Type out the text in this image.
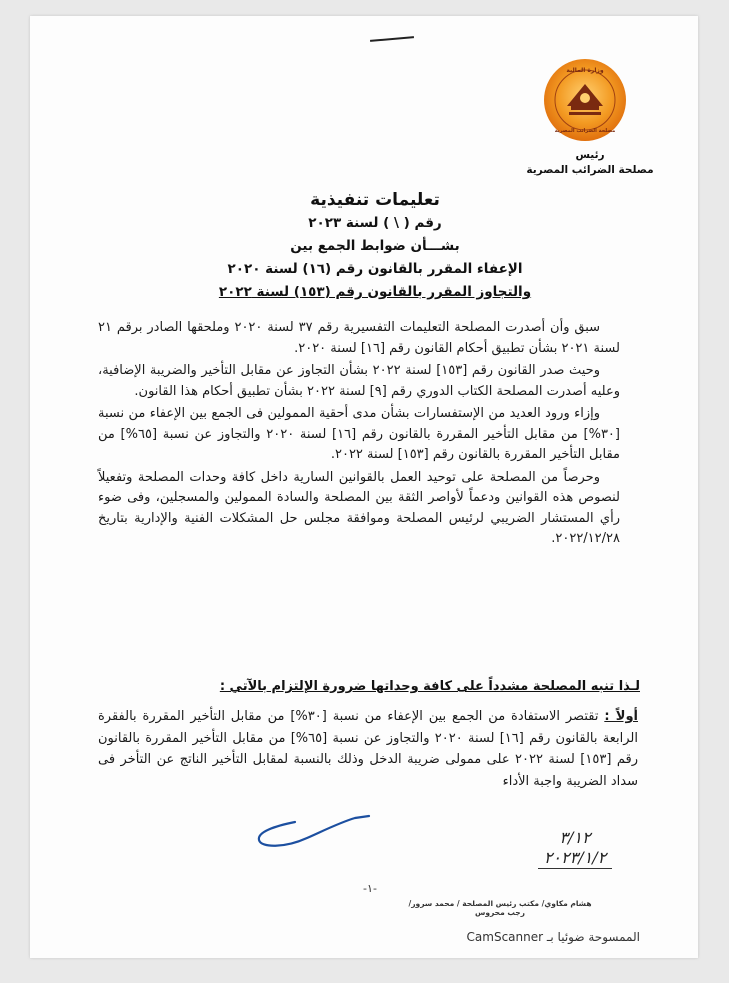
وزارة المالية
مصلحة الضرائب المصرية
رئيس
مصلحة الضرائب المصرية
تعليمات تنفيذية
رقم ( \ ) لسنة ٢٠٢٣
بشـــأن ضوابط الجمع بين
الإعفاء المقرر بالقانون رقم (١٦) لسنة ٢٠٢٠
والتجاوز المقرر بالقانون رقم (١٥٣) لسنة ٢٠٢٢

سبق وأن أصدرت المصلحة التعليمات التفسيرية رقم ٣٧ لسنة ٢٠٢٠ وملحقها الصادر برقم ٢١ لسنة ٢٠٢١ بشأن تطبيق أحكام القانون رقم [١٦] لسنة ٢٠٢٠.

وحيث صدر القانون رقم [١٥٣] لسنة ٢٠٢٢ بشأن التجاوز عن مقابل التأخير والضريبة الإضافية، وعليه أصدرت المصلحة الكتاب الدوري رقم [٩] لسنة ٢٠٢٢ بشأن تطبيق أحكام هذا القانون.

وإزاء ورود العديد من الإستفسارات بشأن مدى أحقية الممولين فى الجمع بين الإعفاء من نسبة [٣٠%] من مقابل التأخير المقررة بالقانون رقم [١٦] لسنة ٢٠٢٠ والتجاوز عن نسبة [٦٥%] من مقابل التأخير المقررة بالقانون رقم [١٥٣] لسنة ٢٠٢٢.

وحرصاً من المصلحة على توحيد العمل بالقوانين السارية داخل كافة وحدات المصلحة وتفعيلاً لنصوص هذه القوانين ودعماً لأواصر الثقة بين المصلحة والسادة الممولين والمسجلين، وفى ضوء رأي المستشار الضريبي لرئيس المصلحة وموافقة مجلس حل المشكلات الفنية والإدارية بتاريخ ٢٠٢٢/١٢/٢٨.

لـذا تنبه المصلحة مشدداً على كافة وحداتها ضرورة الإلتزام بالآتي :
أولاً : تقتصر الاستفادة من الجمع بين الإعفاء من نسبة [٣٠%] من مقابل التأخير المقررة بالفقرة الرابعة بالقانون رقم [١٦] لسنة ٢٠٢٠ والتجاوز عن نسبة [٦٥%] من مقابل التأخير المقررة بالقانون رقم [١٥٣] لسنة ٢٠٢٢ على ممولى ضريبة الدخل وذلك بالنسبة لمقابل التأخير الناتج عن التأخر فى سداد الضريبة واجبة الأداء
٣/١٢
٢٠٢٣/١/٢
-١-
هشام مكاوي/ مكتب رئيس المصلحة / محمد سرور/ رجب محروس
الممسوحة ضوئيا بـ CamScanner
